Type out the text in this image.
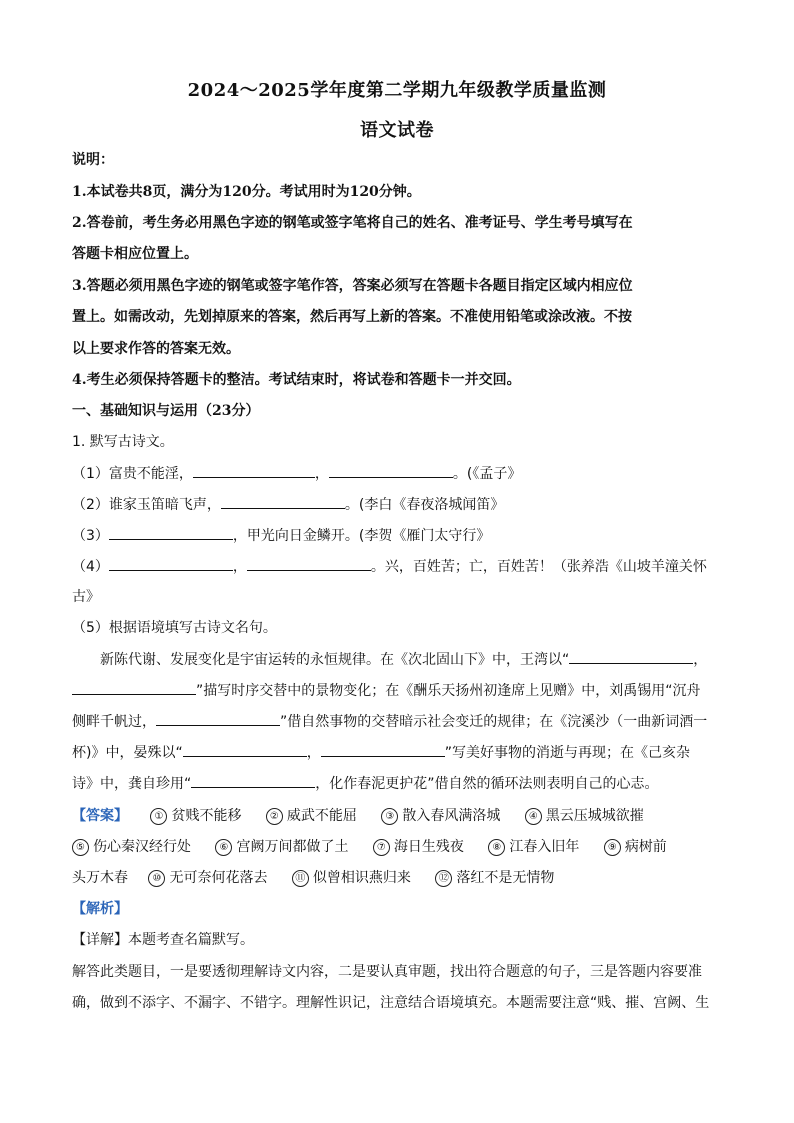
2024～2025学年度第二学期九年级教学质量监测
语文试卷
说明：
1.本试卷共8页，满分为120分。考试用时为120分钟。
2.答卷前，考生务必用黑色字迹的钢笔或签字笔将自己的姓名、准考证号、学生考号填写在
答题卡相应位置上。
3.答题必须用黑色字迹的钢笔或签字笔作答，答案必须写在答题卡各题目指定区域内相应位
置上。如需改动，先划掉原来的答案，然后再写上新的答案。不准使用铅笔或涂改液。不按
以上要求作答的答案无效。
4.考生必须保持答题卡的整洁。考试结束时，将试卷和答题卡一并交回。
一、基础知识与运用（23分）
1. 默写古诗文。
（1）富贵不能淫，	，	。(《孟子》
（2）谁家玉笛暗飞声，	。(李白《春夜洛城闻笛》
（3）	，甲光向日金鳞开。(李贺《雁门太守行》
（4）	，	。兴，百姓苦；亡，百姓苦！（张养浩《山坡羊潼关怀
古》
（5）根据语境填写古诗文名句。
新陈代谢、发展变化是宇宙运转的永恒规律。在《次北固山下》中，王湾以“	，
”描写时序交替中的景物变化；在《酬乐天扬州初逢席上见赠》中，刘禹锡用“沉舟
侧畔千帆过，	”借自然事物的交替暗示社会变迁的规律；在《浣溪沙（一曲新词酒一
杯)》中，晏殊以“	，	”写美好事物的消逝与再现；在《己亥杂
诗》中，龚自珍用“	，化作春泥更护花”借自然的循环法则表明自己的心志。
【答案】	① 贫贱不能移	② 威武不能屈	③ 散入春风满洛城	④ 黑云压城城欲摧
⑤ 伤心秦汉经行处	⑥ 宫阙万间都做了土	⑦ 海日生残夜	⑧ 江春入旧年	⑨ 病树前
头万木春 ⑩ 无可奈何花落去	⑪ 似曾相识燕归来	⑫ 落红不是无情物
【解析】
【详解】本题考查名篇默写。
解答此类题目，一是要透彻理解诗文内容，二是要认真审题，找出符合题意的句子，三是答题内容要准
确，做到不添字、不漏字、不错字。理解性识记，注意结合语境填充。本题需要注意“贱、摧、宫阙、生
